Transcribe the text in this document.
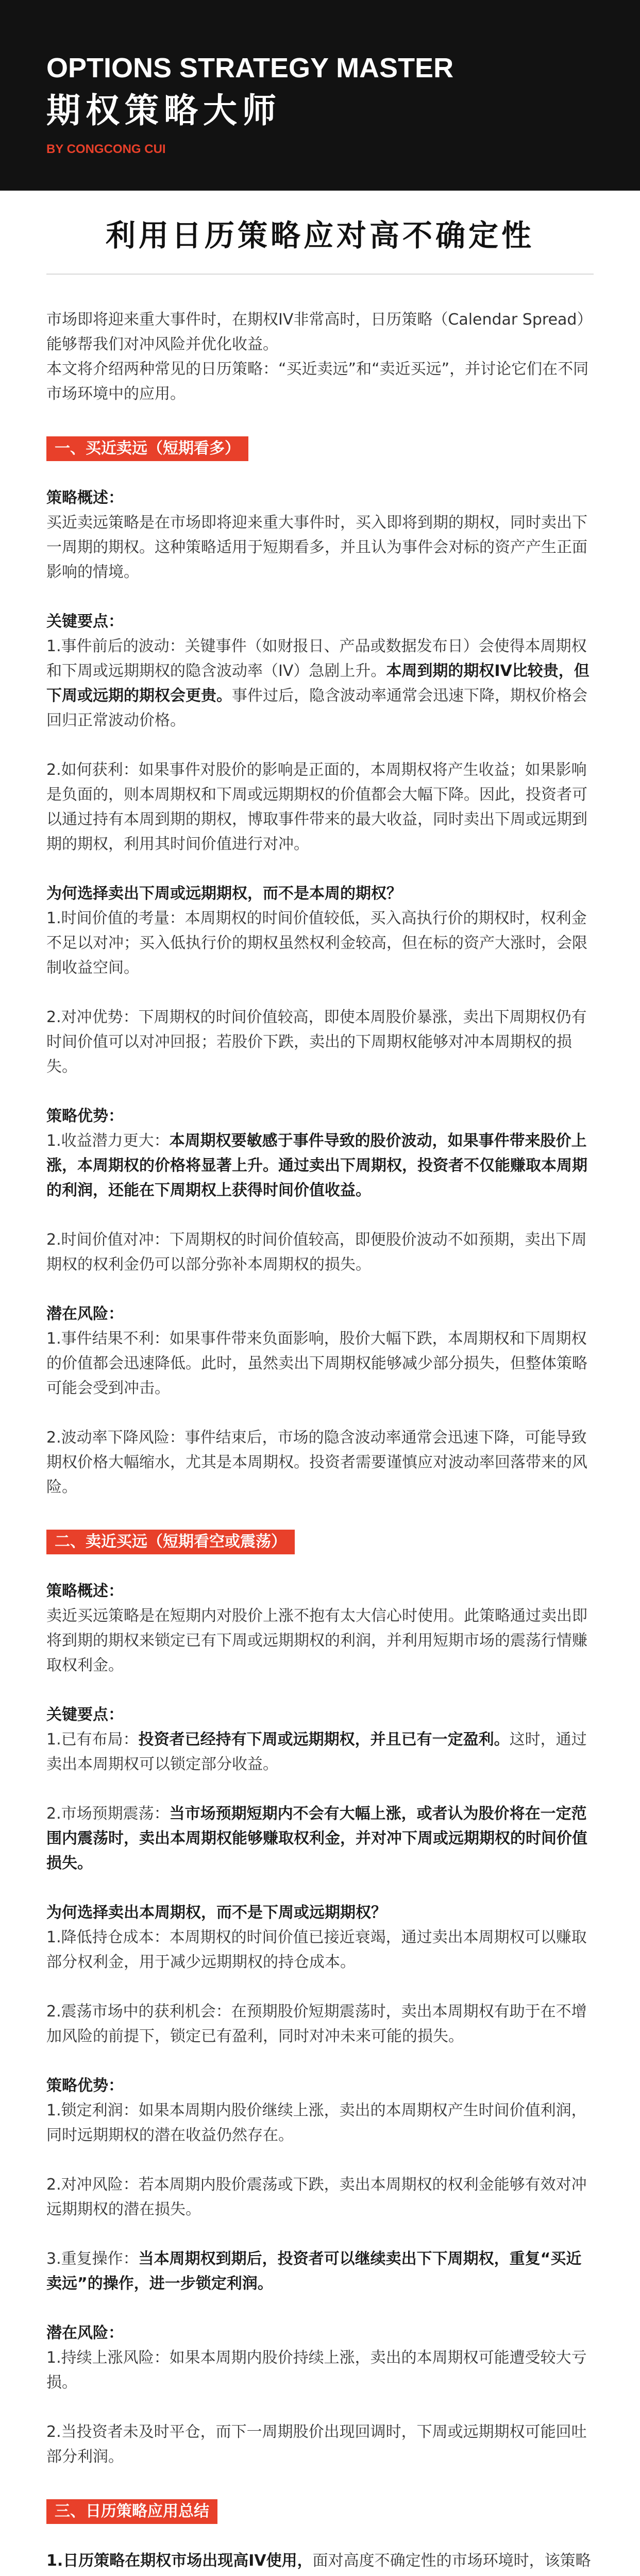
OPTIONS STRATEGY MASTER
期权策略大师
BY CONGCONG CUI
利用日历策略应对高不确定性
市场即将迎来重大事件时，在期权IV非常高时，日历策略（Calendar Spread）能够帮我们对冲风险并优化收益。
本文将介绍两种常见的日历策略：“买近卖远”和“卖近买远”，并讨论它们在不同市场环境中的应用。
一、买近卖远（短期看多）
策略概述：
买近卖远策略是在市场即将迎来重大事件时，买入即将到期的期权，同时卖出下一周期的期权。这种策略适用于短期看多，并且认为事件会对标的资产产生正面影响的情境。
关键要点：
1.事件前后的波动：关键事件（如财报日、产品或数据发布日）会使得本周期权和下周或远期期权的隐含波动率（IV）急剧上升。本周到期的期权IV比较贵，但下周或远期的期权会更贵。事件过后，隐含波动率通常会迅速下降，期权价格会回归正常波动价格。
2.如何获利：如果事件对股价的影响是正面的，本周期权将产生收益；如果影响是负面的，则本周期权和下周或远期期权的价值都会大幅下降。因此，投资者可以通过持有本周到期的期权，博取事件带来的最大收益，同时卖出下周或远期到期的期权，利用其时间价值进行对冲。
为何选择卖出下周或远期期权，而不是本周的期权？
1.时间价值的考量：本周期权的时间价值较低，买入高执行价的期权时，权利金不足以对冲；买入低执行价的期权虽然权利金较高，但在标的资产大涨时，会限制收益空间。
2.对冲优势：下周期权的时间价值较高，即使本周股价暴涨，卖出下周期权仍有时间价值可以对冲回报；若股价下跌，卖出的下周期权能够对冲本周期权的损失。
策略优势：
1.收益潜力更大：本周期权要敏感于事件导致的股价波动，如果事件带来股价上涨，本周期权的价格将显著上升。通过卖出下周期权，投资者不仅能赚取本周期的利润，还能在下周期权上获得时间价值收益。
2.时间价值对冲：下周期权的时间价值较高，即便股价波动不如预期，卖出下周期权的权利金仍可以部分弥补本周期权的损失。
潜在风险：
1.事件结果不利：如果事件带来负面影响，股价大幅下跌，本周期权和下周期权的价值都会迅速降低。此时，虽然卖出下周期权能够减少部分损失，但整体策略可能会受到冲击。
2.波动率下降风险：事件结束后，市场的隐含波动率通常会迅速下降，可能导致期权价格大幅缩水，尤其是本周期权。投资者需要谨慎应对波动率回落带来的风险。
二、卖近买远（短期看空或震荡）
策略概述：
卖近买远策略是在短期内对股价上涨不抱有太大信心时使用。此策略通过卖出即将到期的期权来锁定已有下周或远期期权的利润，并利用短期市场的震荡行情赚取权利金。
关键要点：
1.已有布局：投资者已经持有下周或远期期权，并且已有一定盈利。这时，通过卖出本周期权可以锁定部分收益。
2.市场预期震荡：当市场预期短期内不会有大幅上涨，或者认为股价将在一定范围内震荡时，卖出本周期权能够赚取权利金，并对冲下周或远期期权的时间价值损失。
为何选择卖出本周期权，而不是下周或远期期权？
1.降低持仓成本：本周期权的时间价值已接近衰竭，通过卖出本周期权可以赚取部分权利金，用于减少远期期权的持仓成本。
2.震荡市场中的获利机会：在预期股价短期震荡时，卖出本周期权有助于在不增加风险的前提下，锁定已有盈利，同时对冲未来可能的损失。
策略优势：
1.锁定利润：如果本周期内股价继续上涨，卖出的本周期权产生时间价值利润，同时远期期权的潜在收益仍然存在。
2.对冲风险：若本周期内股价震荡或下跌，卖出本周期权的权利金能够有效对冲远期期权的潜在损失。
3.重复操作：当本周期权到期后，投资者可以继续卖出下下周期权，重复“买近卖远”的操作，进一步锁定利润。
潜在风险：
1.持续上涨风险：如果本周期内股价持续上涨，卖出的本周期权可能遭受较大亏损。
2.当投资者未及时平仓，而下一周期股价出现回调时，下周或远期期权可能回吐部分利润。
三、日历策略应用总结
1.日历策略在期权市场出现高IV使用，面对高度不确定性的市场环境时，该策略
